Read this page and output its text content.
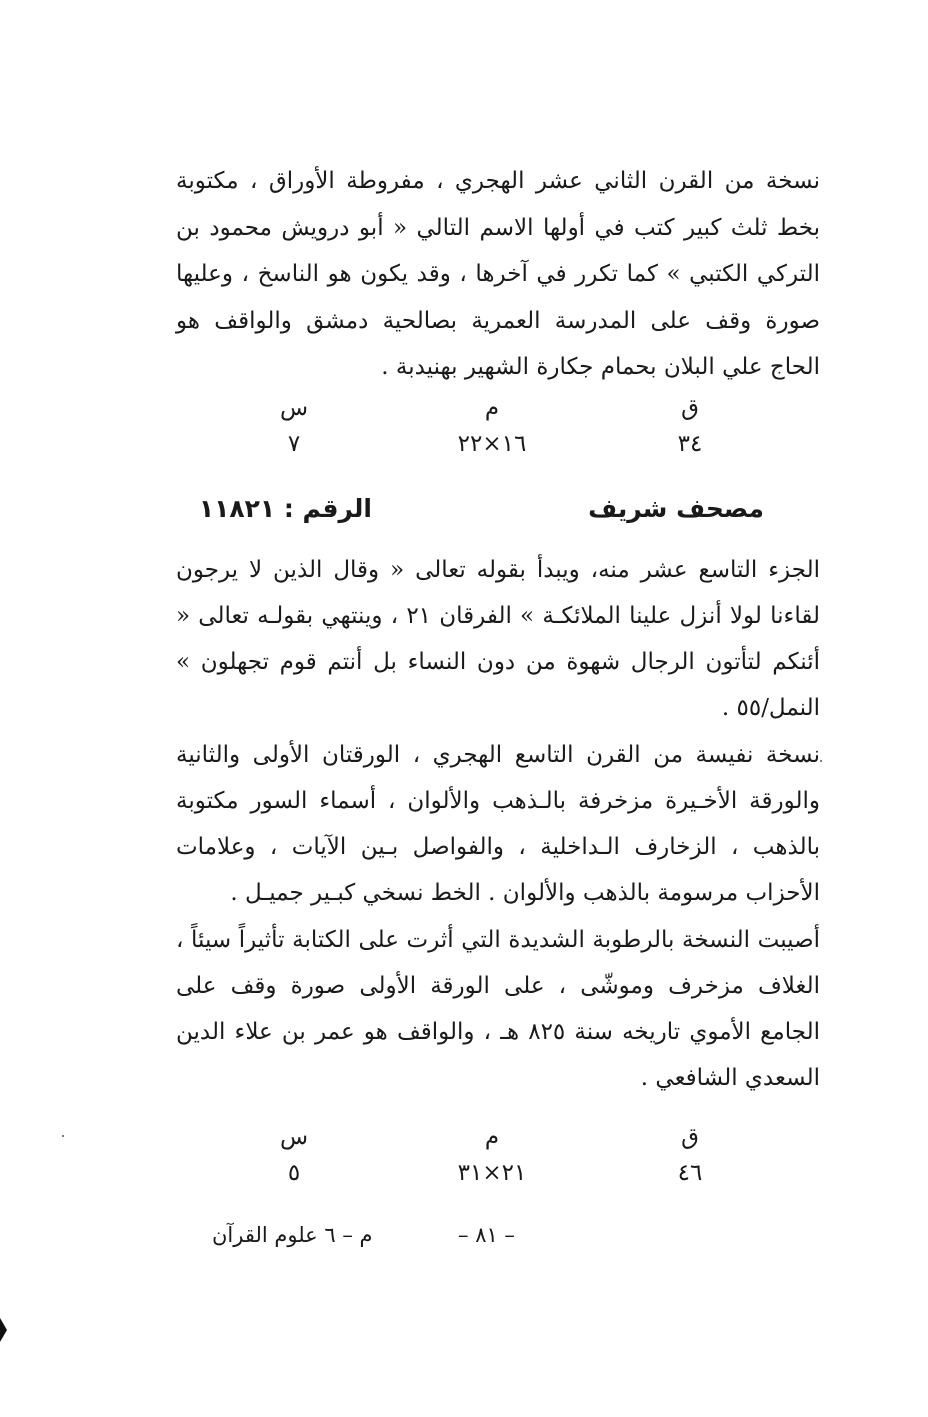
نسخة من القرن الثاني عشر الهجري ، مفروطة الأوراق ، مكتوبة بخط ثلث كبير كتب في أولها الاسم التالي « أبو درويش محمود بن التركي الكتبي » كما تكرر في آخرها ، وقد يكون هو الناسخ ، وعليها صورة وقف على المدرسة العمرية بصالحية دمشق والواقف هو الحاج علي البلان بحمام جكارة الشهير بهنيدبة .

ق
م
س
٣٤
١٦×٢٢
٧
مصحف شريف
الرقم : ١١٨٢١

الجزء التاسع عشر منه، ويبدأ بقوله تعالى « وقال الذين لا يرجون لقاءنا لولا أنزل علينا الملائكـة » الفرقان ٢١ ، وينتهي بقولـه تعالى « أئنكم لتأتون الرجال شهوة من دون النساء بل أنتم قوم تجهلون » النمل/٥٥ .

نسخة نفيسة من القرن التاسع الهجري ، الورقتان الأولى والثانية والورقة الأخـيرة مزخرفة بالـذهب والألوان ، أسماء السور مكتوبة بالذهب ، الزخارف الـداخلية ، والفواصل بـين الآيات ، وعلامات الأحزاب مرسومة بالذهب والألوان . الخط نسخي كبـير جميـل .

أصيبت النسخة بالرطوبة الشديدة التي أثرت على الكتابة تأثيراً سيئاً ، الغلاف مزخرف وموشّى ، على الورقة الأولى صورة وقف على الجامع الأموي تاريخه سنة ٨٢٥ هـ ، والواقف هو عمر بن علاء الدين السعدي الشافعي .

ق
م
س
٤٦
٢١×٣١
٥
– ٨١ –
م – ٦ علوم القرآن
